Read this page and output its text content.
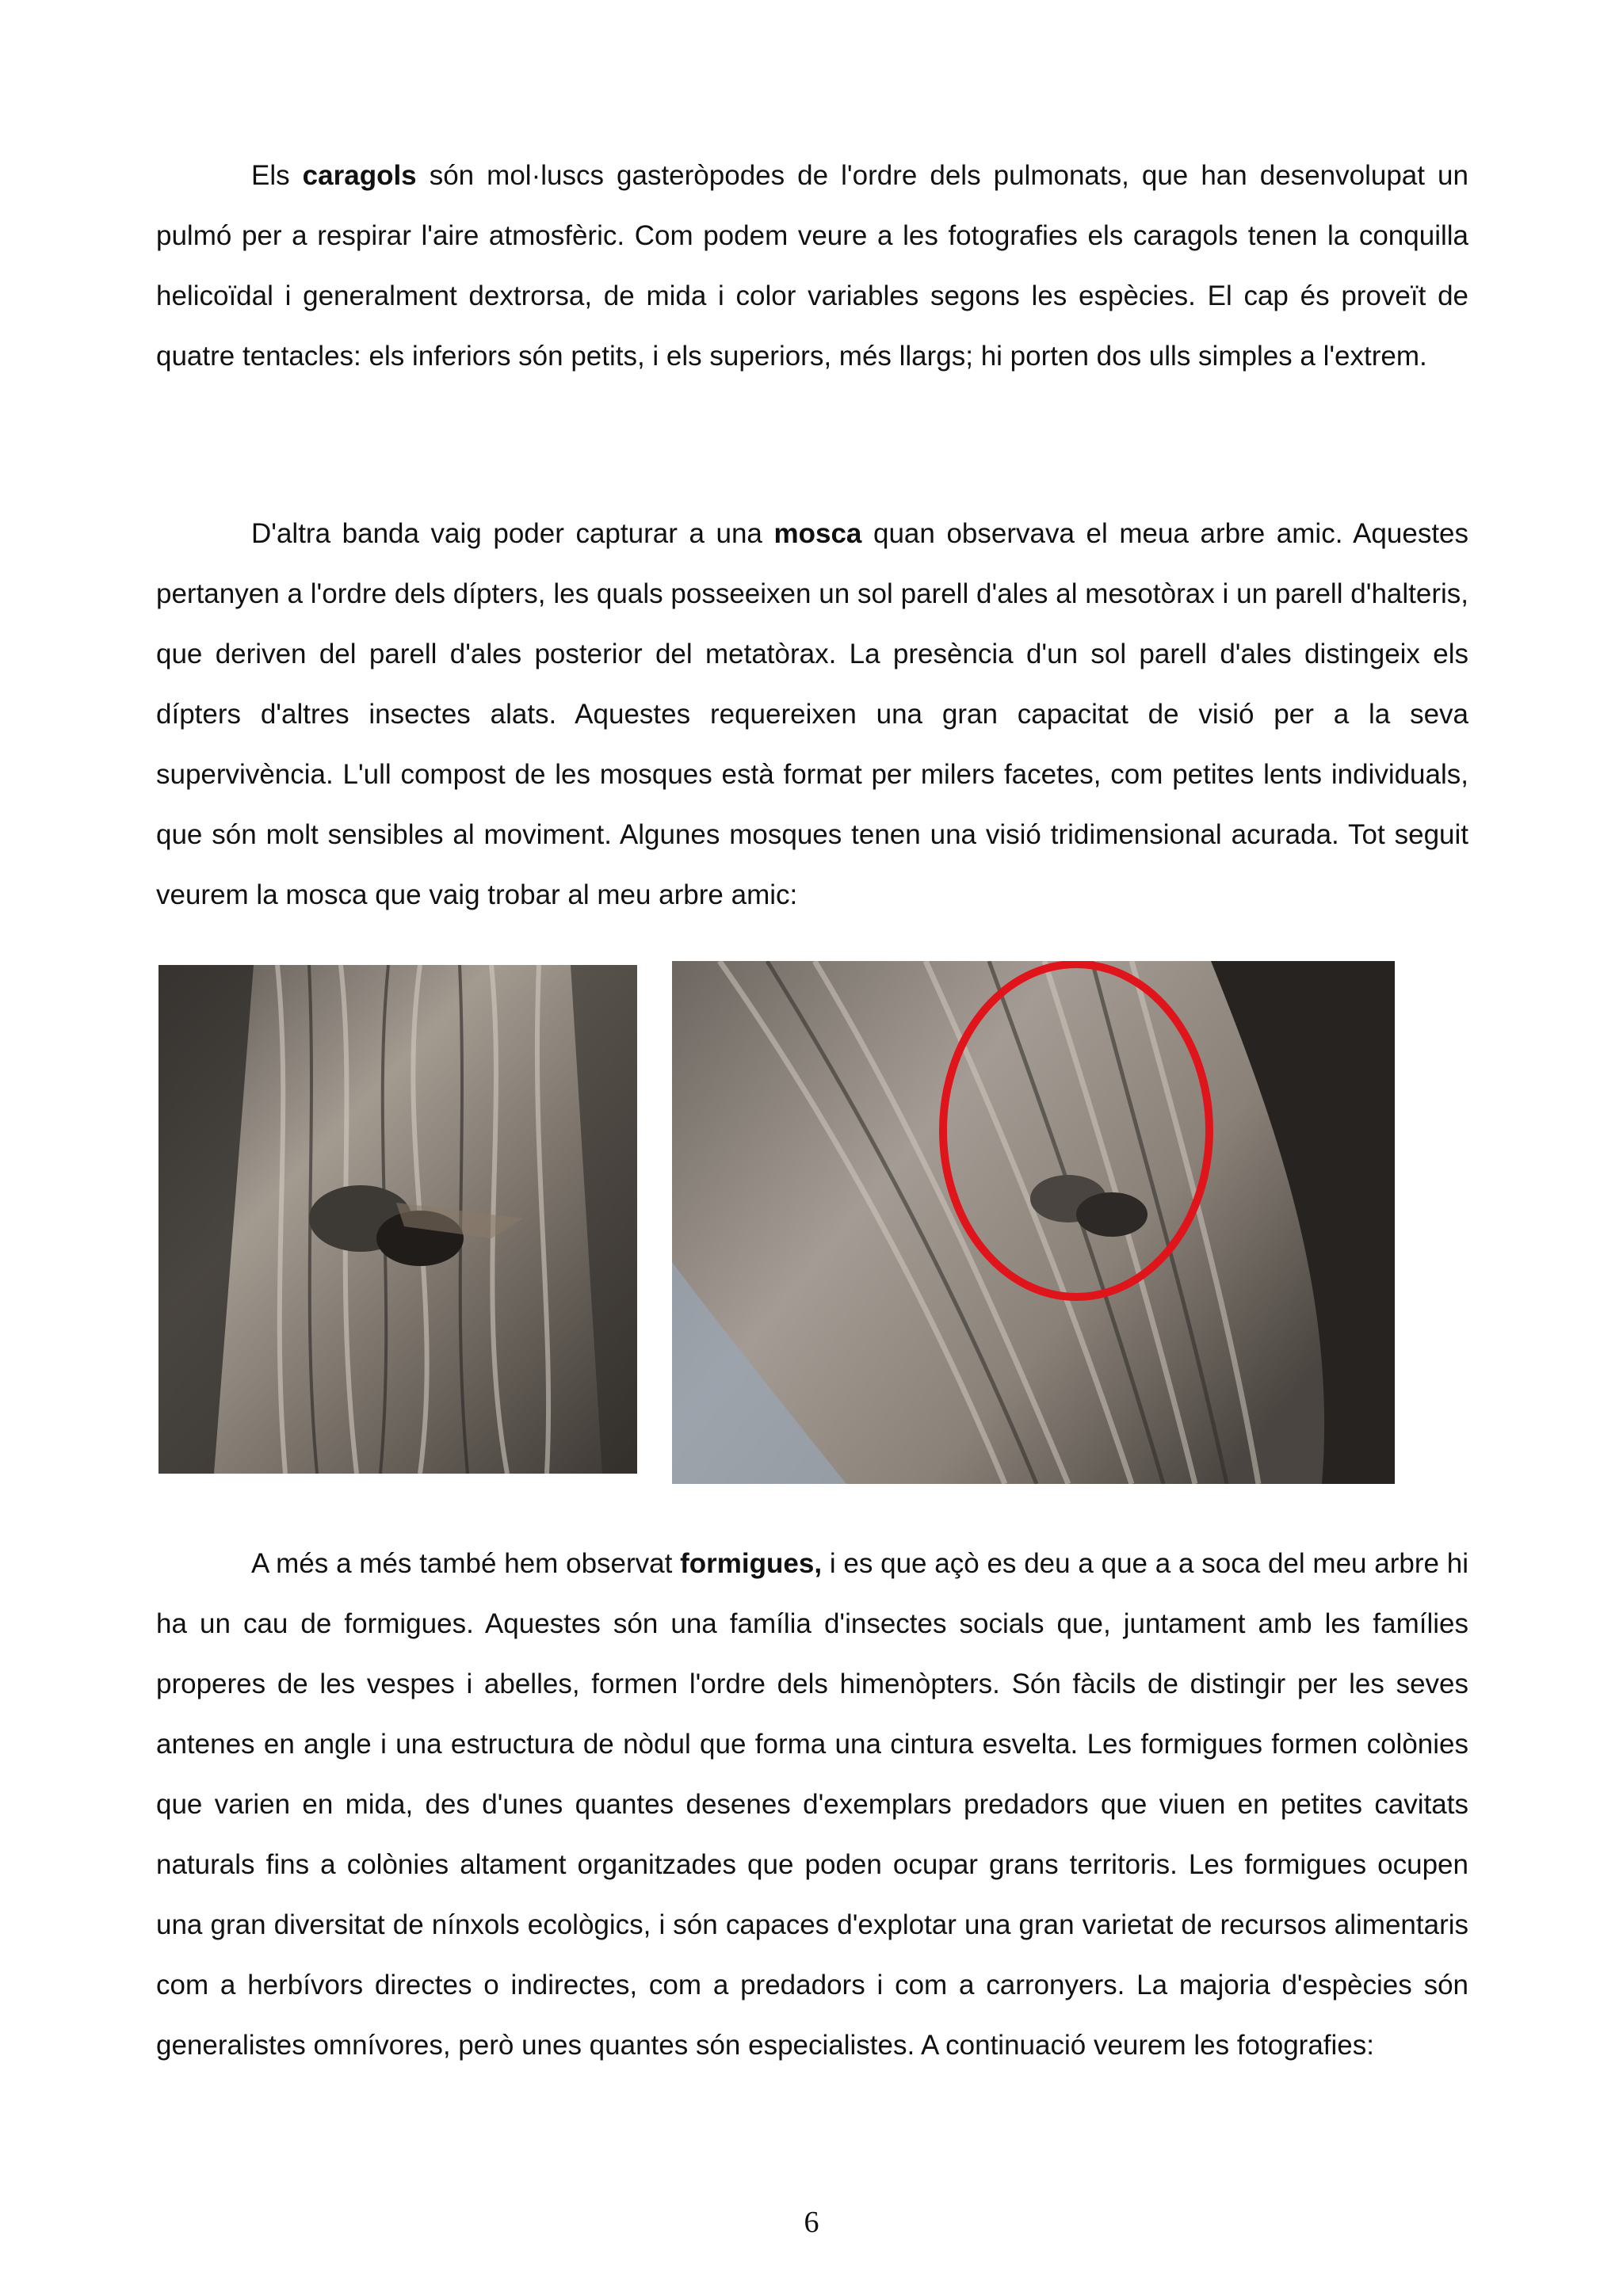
Els caragols són mol·luscs gasteròpodes de l'ordre dels pulmonats, que han desenvolupat un pulmó per a respirar l'aire atmosfèric. Com podem veure a les fotografies els caragols tenen la conquilla helicoïdal i generalment dextrorsa, de mida i color variables segons les espècies. El cap és proveït de quatre tentacles: els inferiors són petits, i els superiors, més llargs; hi porten dos ulls simples a l'extrem.

D'altra banda vaig poder capturar a una mosca quan observava el meua arbre amic. Aquestes pertanyen a l'ordre dels dípters, les quals posseeixen un sol parell d'ales al mesotòrax i un parell d'halteris, que deriven del parell d'ales posterior del metatòrax. La presència d'un sol parell d'ales distingeix els dípters d'altres insectes alats. Aquestes requereixen una gran capacitat de visió per a la seva supervivència. L'ull compost de les mosques està format per milers facetes, com petites lents individuals, que són molt sensibles al moviment. Algunes mosques tenen una visió tridimensional acurada. Tot seguit veurem la mosca que vaig trobar al meu arbre amic:

A més a més també hem observat formigues, i es que açò es deu a que a a soca del meu arbre hi ha un cau de formigues. Aquestes són una família d'insectes socials que, juntament amb les famílies properes de les vespes i abelles, formen l'ordre dels himenòpters. Són fàcils de distingir per les seves antenes en angle i una estructura de nòdul que forma una cintura esvelta. Les formigues formen colònies que varien en mida, des d'unes quantes desenes d'exemplars predadors que viuen en petites cavitats naturals fins a colònies altament organitzades que poden ocupar grans territoris. Les formigues ocupen una gran diversitat de nínxols ecològics, i són capaces d'explotar una gran varietat de recursos alimentaris com a herbívors directes o indirectes, com a predadors i com a carronyers. La majoria d'espècies són generalistes omnívores, però unes quantes són especialistes. A continuació veurem les fotografies:

6
